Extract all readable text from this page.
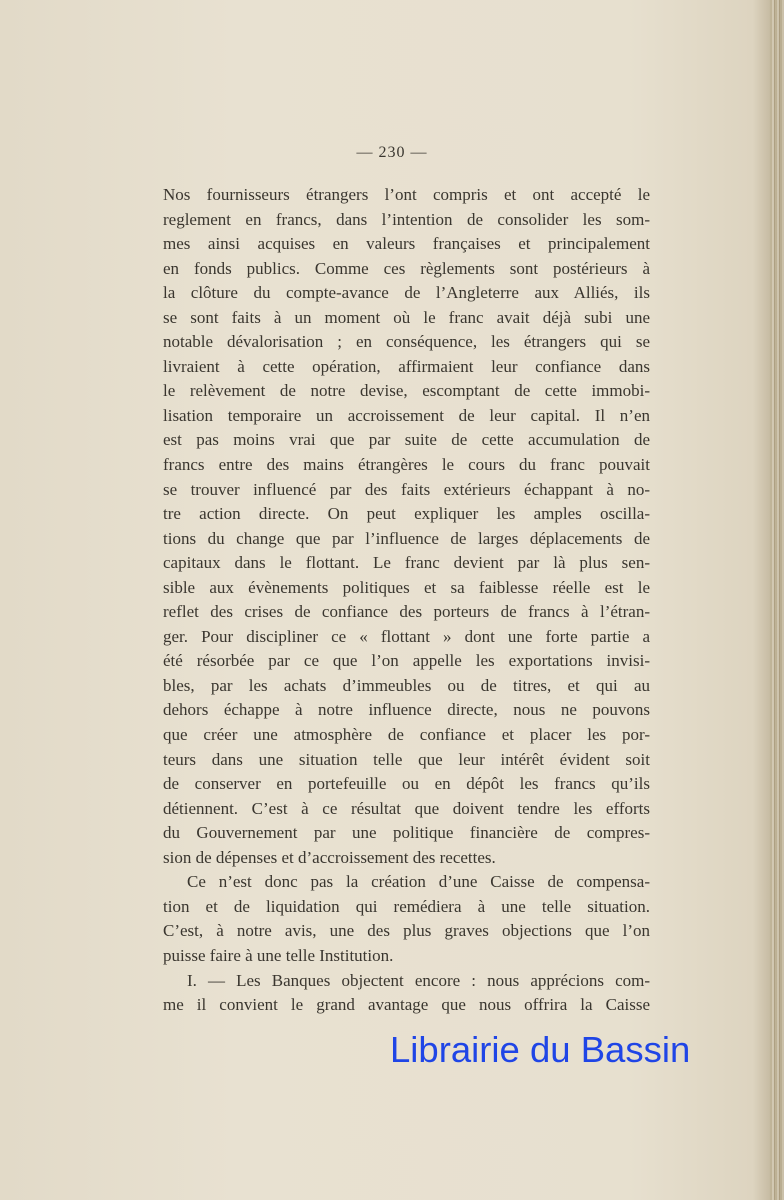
— 230 —
Nos fournisseurs étrangers l’ont compris et ont accepté le
reglement en francs, dans l’intention de consolider les som-
mes ainsi acquises en valeurs françaises et principalement
en fonds publics. Comme ces règlements sont postérieurs à
la clôture du compte-avance de l’Angleterre aux Alliés, ils
se sont faits à un moment où le franc avait déjà subi une
notable dévalorisation ; en conséquence, les étrangers qui se
livraient à cette opération, affirmaient leur confiance dans
le relèvement de notre devise, escomptant de cette immobi-
lisation temporaire un accroissement de leur capital. Il n’en
est pas moins vrai que par suite de cette accumulation de
francs entre des mains étrangères le cours du franc pouvait
se trouver influencé par des faits extérieurs échappant à no-
tre action directe. On peut expliquer les amples oscilla-
tions du change que par l’influence de larges déplacements de
capitaux dans le flottant. Le franc devient par là plus sen-
sible aux évènements politiques et sa faiblesse réelle est le
reflet des crises de confiance des porteurs de francs à l’étran-
ger. Pour discipliner ce « flottant » dont une forte partie a
été résorbée par ce que l’on appelle les exportations invisi-
bles, par les achats d’immeubles ou de titres, et qui au
dehors échappe à notre influence directe, nous ne pouvons
que créer une atmosphère de confiance et placer les por-
teurs dans une situation telle que leur intérêt évident soit
de conserver en portefeuille ou en dépôt les francs qu’ils
détiennent. C’est à ce résultat que doivent tendre les efforts
du Gouvernement par une politique financière de compres-
sion de dépenses et d’accroissement des recettes.
Ce n’est donc pas la création d’une Caisse de compensa-
tion et de liquidation qui remédiera à une telle situation.
C’est, à notre avis, une des plus graves objections que l’on
puisse faire à une telle Institution.
I. — Les Banques objectent encore : nous apprécions com-
me il convient le grand avantage que nous offrira la Caisse
Librairie du Bassin
